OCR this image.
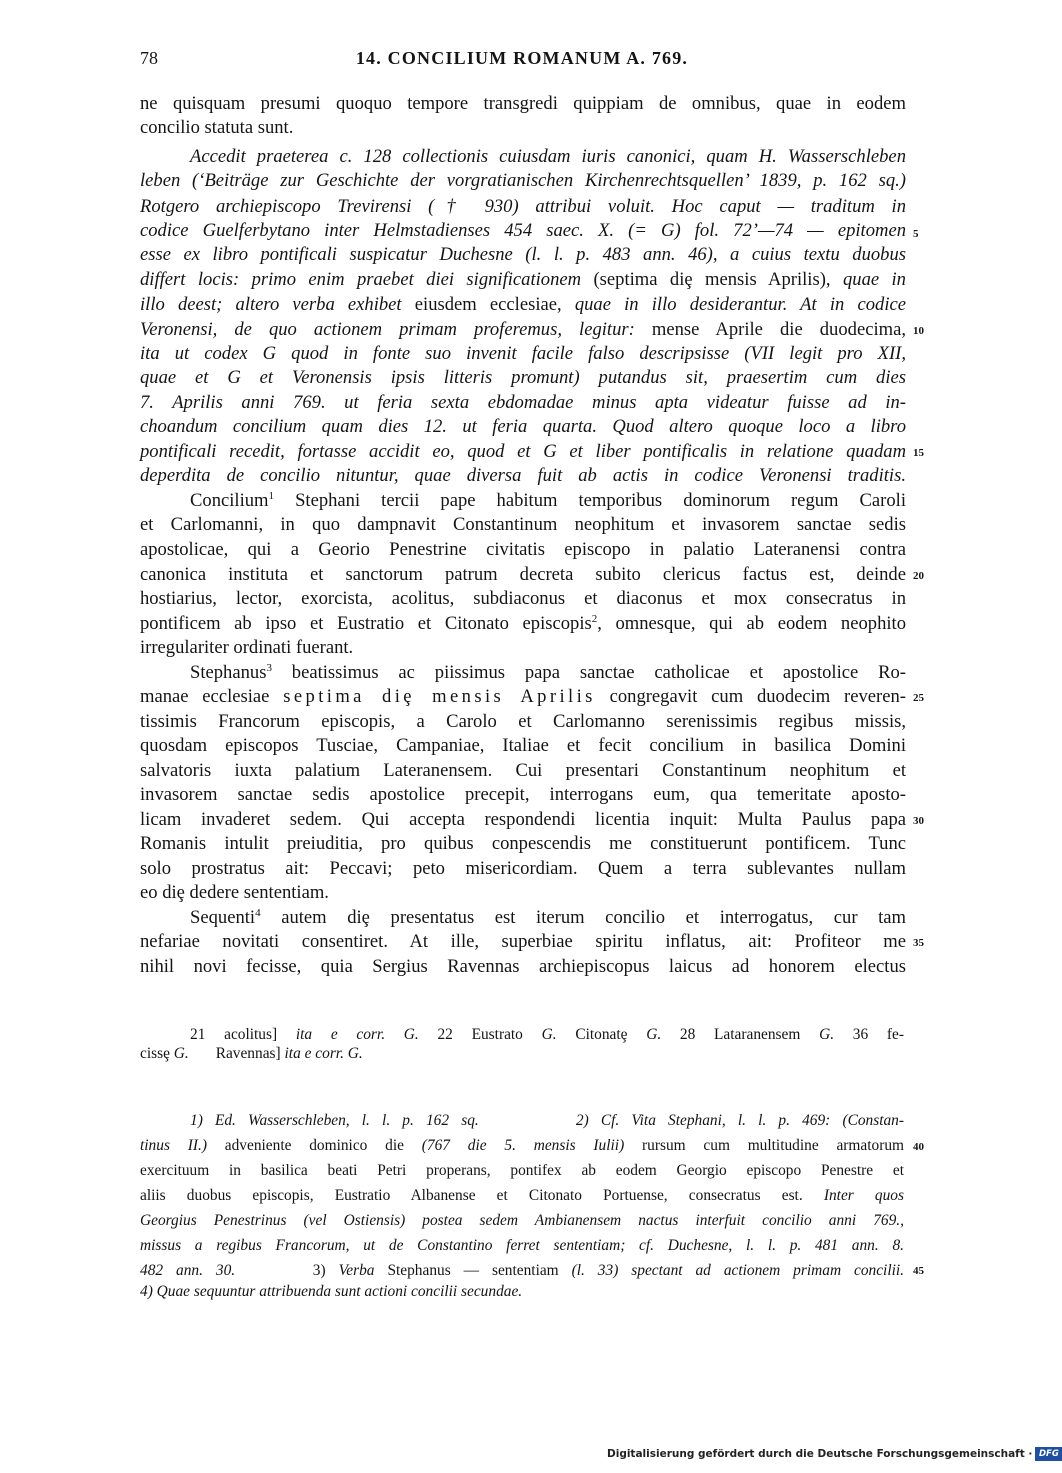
78	14. CONCILIUM ROMANUM A. 769.
ne quisquam presumi quoquo tempore transgredi quippiam de omnibus, quae in eodem
concilio statuta sunt.
Accedit praeterea c. 128 collectionis cuiusdam iuris canonici, quam H. Wasserschleben
leben (‘Beiträge zur Geschichte der vorgratianischen Kirchenrechtsquellen’ 1839, p. 162 sq.)
Rotgero archiepiscopo Trevirensi († 930) attribui voluit. Hoc caput — traditum in
codice Guelferbytano inter Helmstadienses 454 saec. X. (= G) fol. 72’—74 — epitomen
esse ex libro pontificali suspicatur Duchesne (l. l. p. 483 ann. 46), a cuius textu duobus
differt locis: primo enim praebet diei significationem (septima diȩ mensis Aprilis), quae in
illo deest; altero verba exhibet eiusdem ecclesiae, quae in illo desiderantur. At in codice
Veronensi, de quo actionem primam proferemus, legitur: mense Aprile die duodecima,
ita ut codex G quod in fonte suo invenit facile falso descripsisse (VII legit pro XII,
quae et G et Veronensis ipsis litteris promunt) putandus sit, praesertim cum dies
7. Aprilis anni 769. ut feria sexta ebdomadae minus apta videatur fuisse ad in-
choandum concilium quam dies 12. ut feria quarta. Quod altero quoque loco a libro
pontificali recedit, fortasse accidit eo, quod et G et liber pontificalis in relatione quadam
deperdita de concilio nituntur, quae diversa fuit ab actis in codice Veronensi traditis.
Concilium$^1$ Stephani tercii pape habitum temporibus dominorum regum Caroli
et Carlomanni, in quo dampnavit Constantinum neophitum et invasorem sanctae sedis
apostolicae, qui a Georio Penestrine civitatis episcopo in palatio Lateranensi contra
canonica instituta et sanctorum patrum decreta subito clericus factus est, deinde
hostiarius, lector, exorcista, acolitus, subdiaconus et diaconus et mox consecratus in
pontificem ab ipso et Eustratio et Citonato episcopis$^2$, omnesque, qui ab eodem neophito
irregulariter ordinati fuerant.
Stephanus$^3$ beatissimus ac piissimus papa sanctae catholicae et apostolice Ro-
manae ecclesiae septima diȩ mensis Aprilis congregavit cum duodecim reveren-
tissimis Francorum episcopis, a Carolo et Carlomanno serenissimis regibus missis,
quosdam episcopos Tusciae, Campaniae, Italiae et fecit concilium in basilica Domini
salvatoris iuxta palatium Lateranensem. Cui presentari Constantinum neophitum et
invasorem sanctae sedis apostolice precepit, interrogans eum, qua temeritate aposto-
licam invaderet sedem. Qui accepta respondendi licentia inquit: Multa Paulus papa
Romanis intulit preiuditia, pro quibus conpescendis me constituerunt pontificem. Tunc
solo prostratus ait: Peccavi; peto misericordiam. Quem a terra sublevantes nullam
eo diȩ dedere sententiam.
Sequenti$^4$ autem diȩ presentatus est iterum concilio et interrogatus, cur tam
nefariae novitati consentiret. At ille, superbiae spiritu inflatus, ait: Profiteor me
nihil novi fecisse, quia Sergius Ravennas archiepiscopus laicus ad honorem electus
5
10
15
20
25
30
35
21 acolitus] ita e corr. G. 22 Eustrato G. Citonatȩ G. 28 Lataranensem G. 36 fe-
cissȩ G. Ravennas] ita e corr. G.
1) Ed. Wasserschleben, l. l. p. 162 sq.	2) Cf. Vita Stephani, l. l. p. 469: (Constan-
tinus II.) adveniente dominico die (767 die 5. mensis Iulii) rursum cum multitudine armatorum
exercituum in basilica beati Petri properans, pontifex ab eodem Georgio episcopo Penestre et
aliis duobus episcopis, Eustratio Albanense et Citonato Portuense, consecratus est. Inter quos
Georgius Penestrinus (vel Ostiensis) postea sedem Ambianensem nactus interfuit concilio anni 769.,
missus a regibus Francorum, ut de Constantino ferret sententiam; cf. Duchesne, l. l. p. 481 ann. 8.
482 ann. 30.	3) Verba Stephanus — sententiam (l. 33) spectant ad actionem primam concilii.
4) Quae sequuntur attribuenda sunt actioni concilii secundae.
40
45
Digitalisierung gefördert durch die Deutsche Forschungsgemeinschaft · DFG
